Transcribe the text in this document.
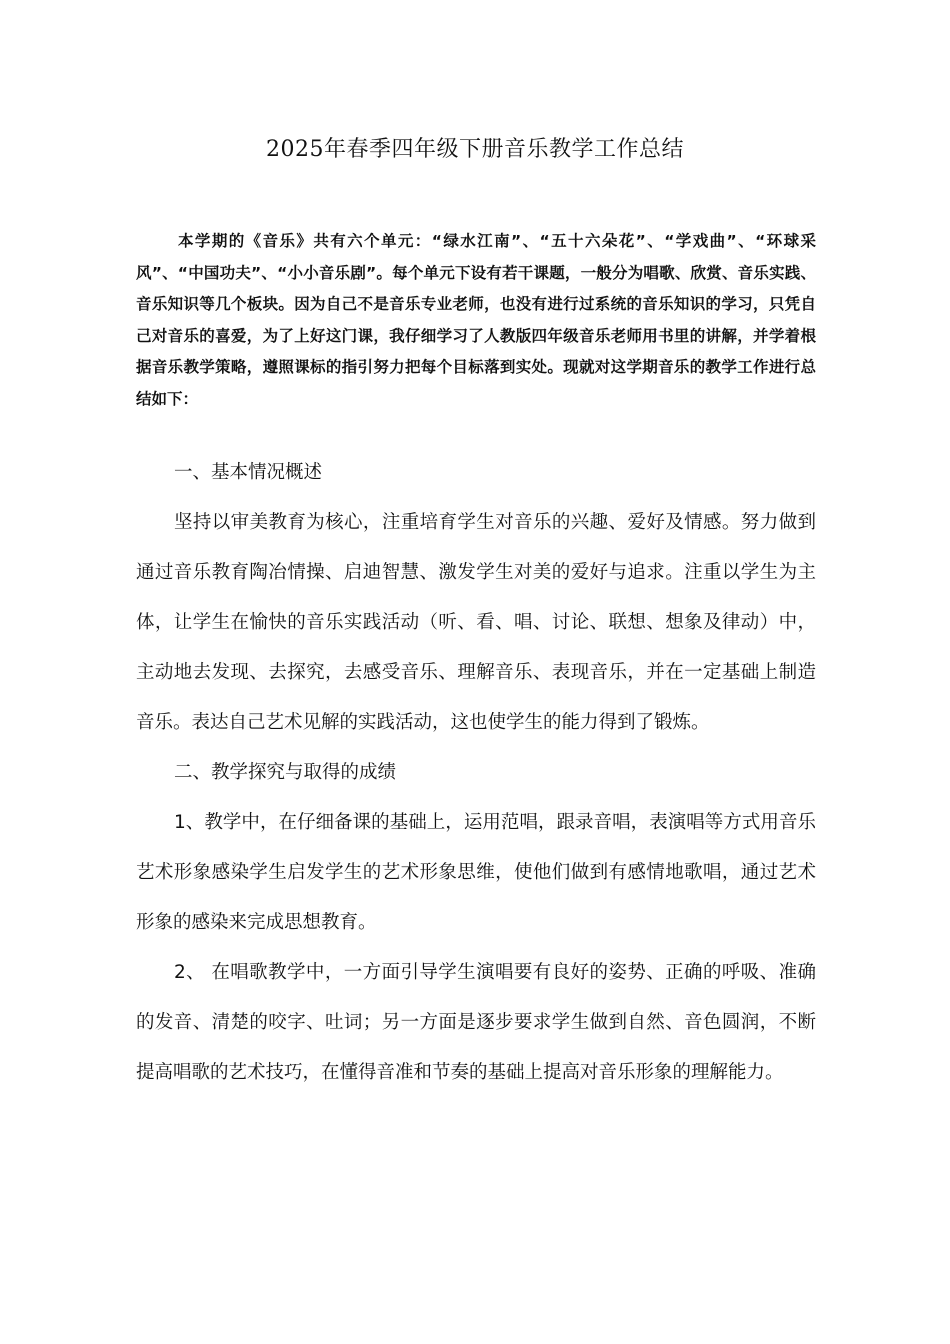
2025年春季四年级下册音乐教学工作总结

本学期的《音乐》共有六个单元：“绿水江南”、“五十六朵花”、“学戏曲”、“环球采风”、“中国功夫”、“小小音乐剧”。每个单元下设有若干课题，一般分为唱歌、欣赏、音乐实践、音乐知识等几个板块。因为自己不是音乐专业老师，也没有进行过系统的音乐知识的学习，只凭自己对音乐的喜爱，为了上好这门课，我仔细学习了人教版四年级音乐老师用书里的讲解，并学着根据音乐教学策略，遵照课标的指引努力把每个目标落到实处。现就对这学期音乐的教学工作进行总结如下：

一、基本情况概述

坚持以审美教育为核心，注重培育学生对音乐的兴趣、爱好及情感。努力做到通过音乐教育陶冶情操、启迪智慧、激发学生对美的爱好与追求。注重以学生为主体，让学生在愉快的音乐实践活动（听、看、唱、讨论、联想、想象及律动）中，主动地去发现、去探究，去感受音乐、理解音乐、表现音乐，并在一定基础上制造音乐。表达自己艺术见解的实践活动，这也使学生的能力得到了锻炼。

二、教学探究与取得的成绩

1、教学中，在仔细备课的基础上，运用范唱，跟录音唱，表演唱等方式用音乐艺术形象感染学生启发学生的艺术形象思维，使他们做到有感情地歌唱，通过艺术形象的感染来完成思想教育。

2、 在唱歌教学中，一方面引导学生演唱要有良好的姿势、正确的呼吸、准确的发音、清楚的咬字、吐词；另一方面是逐步要求学生做到自然、音色圆润，不断提高唱歌的艺术技巧，在懂得音准和节奏的基础上提高对音乐形象的理解能力。
